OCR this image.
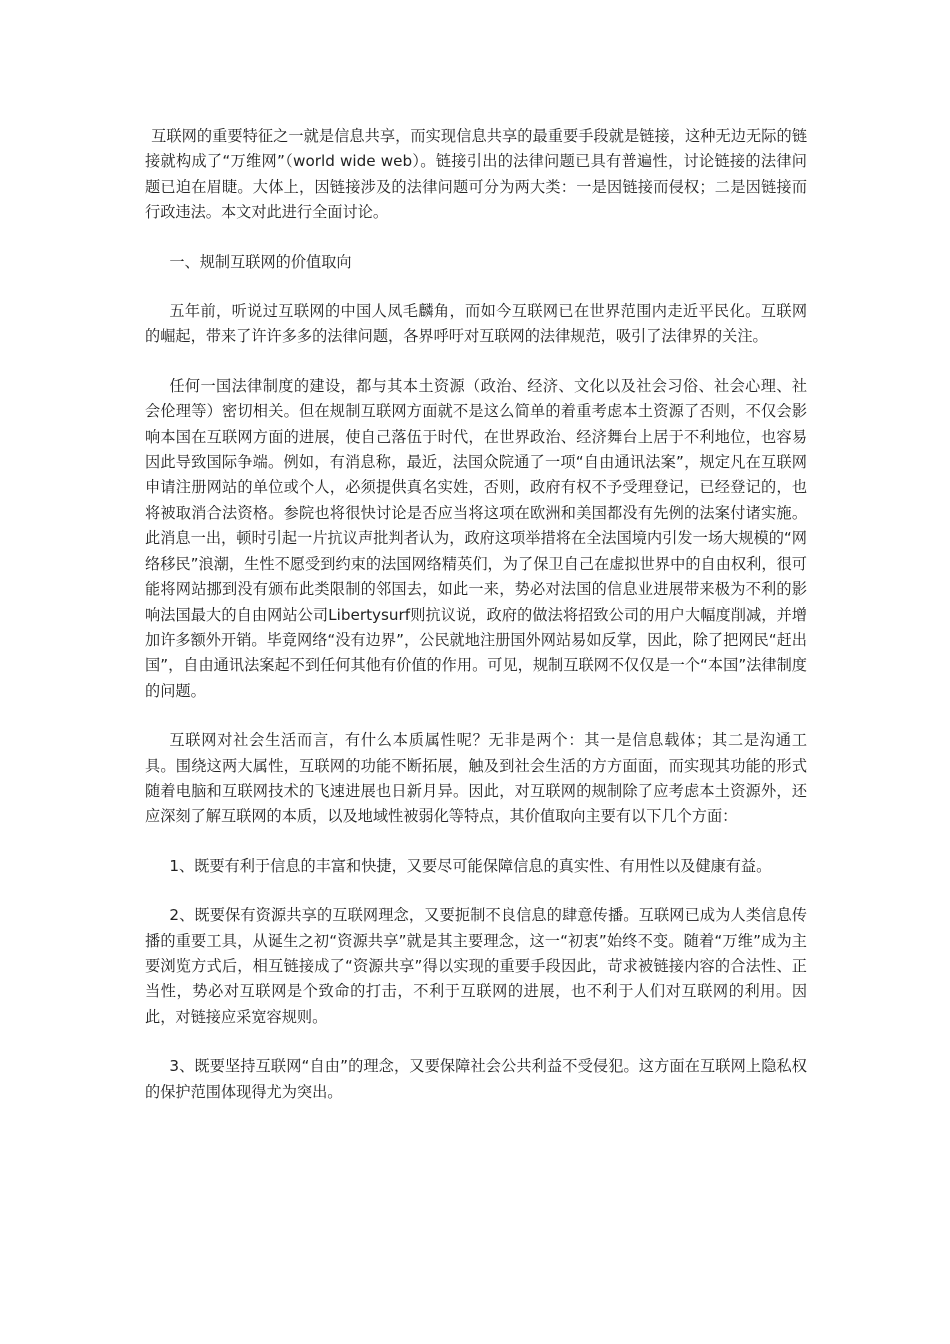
互联网的重要特征之一就是信息共享，而实现信息共享的最重要手段就是链接，这种无边无际的链接就构成了“万维网”（world wide web）。链接引出的法律问题已具有普遍性，讨论链接的法律问题已迫在眉睫。大体上，因链接涉及的法律问题可分为两大类：一是因链接而侵权；二是因链接而行政违法。本文对此进行全面讨论。

一、规制互联网的价值取向

五年前，听说过互联网的中国人凤毛麟角，而如今互联网已在世界范围内走近平民化。互联网的崛起，带来了许许多多的法律问题，各界呼吁对互联网的法律规范，吸引了法律界的关注。

任何一国法律制度的建设，都与其本土资源（政治、经济、文化以及社会习俗、社会心理、社会伦理等）密切相关。但在规制互联网方面就不是这么简单的着重考虑本土资源了否则，不仅会影响本国在互联网方面的进展，使自己落伍于时代，在世界政治、经济舞台上居于不利地位，也容易因此导致国际争端。例如，有消息称，最近，法国众院通了一项“自由通讯法案”，规定凡在互联网申请注册网站的单位或个人，必须提供真名实姓，否则，政府有权不予受理登记，已经登记的，也将被取消合法资格。参院也将很快讨论是否应当将这项在欧洲和美国都没有先例的法案付诸实施。此消息一出，顿时引起一片抗议声批判者认为，政府这项举措将在全法国境内引发一场大规模的“网络移民”浪潮，生性不愿受到约束的法国网络精英们，为了保卫自己在虚拟世界中的自由权利，很可能将网站挪到没有颁布此类限制的邻国去，如此一来，势必对法国的信息业进展带来极为不利的影响法国最大的自由网站公司Libertysurf则抗议说，政府的做法将招致公司的用户大幅度削减，并增加许多额外开销。毕竟网络“没有边界”，公民就地注册国外网站易如反掌，因此，除了把网民“赶出国”，自由通讯法案起不到任何其他有价值的作用。可见，规制互联网不仅仅是一个“本国”法律制度的问题。

互联网对社会生活而言，有什么本质属性呢？无非是两个：其一是信息载体；其二是沟通工具。围绕这两大属性，互联网的功能不断拓展，触及到社会生活的方方面面，而实现其功能的形式随着电脑和互联网技术的飞速进展也日新月异。因此，对互联网的规制除了应考虑本土资源外，还应深刻了解互联网的本质，以及地域性被弱化等特点，其价值取向主要有以下几个方面：

1、既要有利于信息的丰富和快捷，又要尽可能保障信息的真实性、有用性以及健康有益。

2、既要保有资源共享的互联网理念，又要扼制不良信息的肆意传播。互联网已成为人类信息传播的重要工具，从诞生之初“资源共享”就是其主要理念，这一“初衷”始终不变。随着“万维”成为主要浏览方式后，相互链接成了“资源共享”得以实现的重要手段因此，苛求被链接内容的合法性、正当性，势必对互联网是个致命的打击，不利于互联网的进展，也不利于人们对互联网的利用。因此，对链接应采宽容规则。

3、既要坚持互联网“自由”的理念，又要保障社会公共利益不受侵犯。这方面在互联网上隐私权的保护范围体现得尤为突出。
